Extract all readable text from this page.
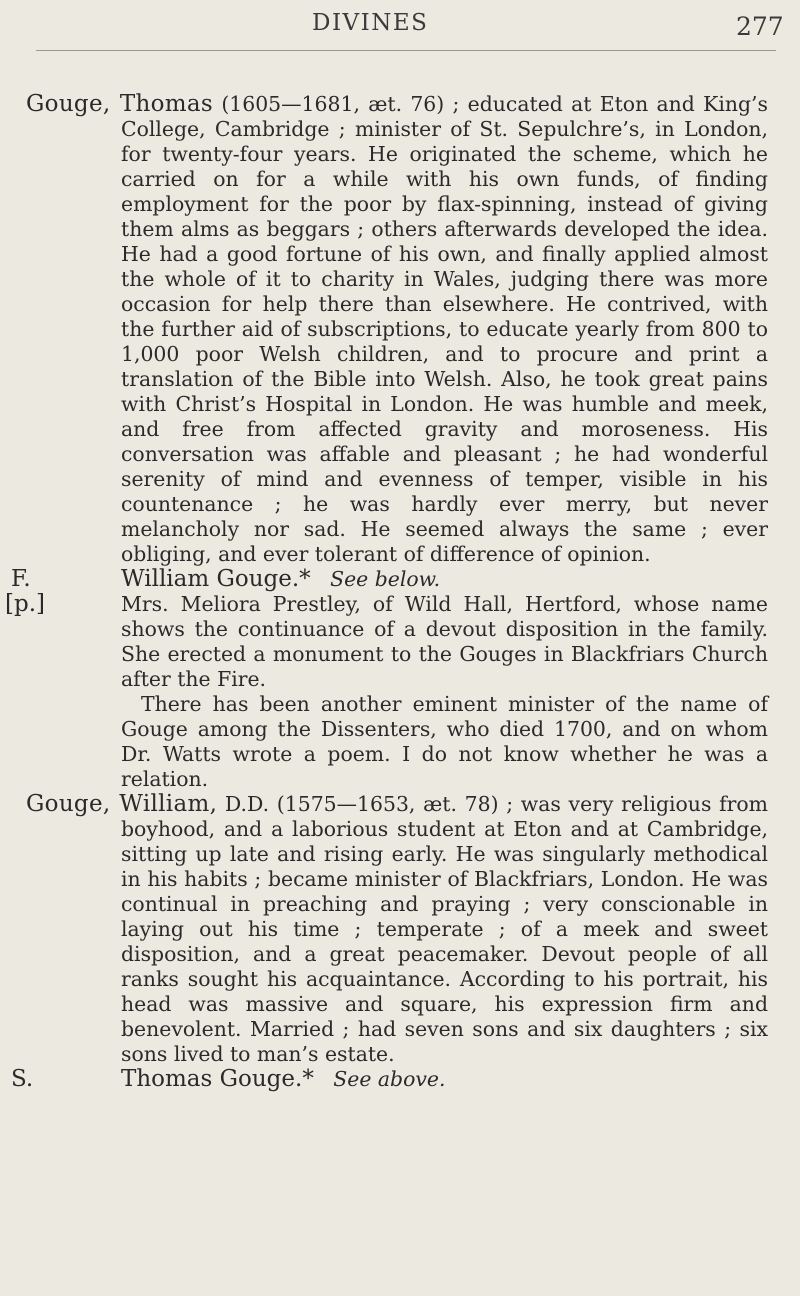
DIVINES	277

Gouge, Thomas (1605—1681, æt. 76) ; educated at Eton and King’s College, Cambridge ; minister of St. Sepulchre’s, in London, for twenty-four years. He originated the scheme, which he carried on for a while with his own funds, of finding employment for the poor by flax-spinning, instead of giving them alms as beggars ; others afterwards developed the idea. He had a good fortune of his own, and finally applied almost the whole of it to charity in Wales, judging there was more occasion for help there than elsewhere. He contrived, with the further aid of subscriptions, to educate yearly from 800 to 1,000 poor Welsh children, and to procure and print a translation of the Bible into Welsh. Also, he took great pains with Christ’s Hospital in London. He was humble and meek, and free from affected gravity and moroseness. His conversation was affable and pleasant ; he had wonderful serenity of mind and evenness of temper, visible in his countenance ; he was hardly ever merry, but never melancholy nor sad. He seemed always the same ; ever obliging, and ever tolerant of difference of opinion.

F.	William Gouge.* See below.

[p.]	Mrs. Meliora Prestley, of Wild Hall, Hertford, whose name shows the continuance of a devout disposition in the family. She erected a monument to the Gouges in Blackfriars Church after the Fire.

There has been another eminent minister of the name of Gouge among the Dissenters, who died 1700, and on whom Dr. Watts wrote a poem. I do not know whether he was a relation.

Gouge, William, D.D. (1575—1653, æt. 78) ; was very religious from boyhood, and a laborious student at Eton and at Cambridge, sitting up late and rising early. He was singularly methodical in his habits ; became minister of Blackfriars, London. He was continual in preaching and praying ; very conscionable in laying out his time ; temperate ; of a meek and sweet disposition, and a great peacemaker. Devout people of all ranks sought his acquaintance. According to his portrait, his head was massive and square, his expression firm and benevolent. Married ; had seven sons and six daughters ; six sons lived to man’s estate.

S.	Thomas Gouge.* See above.
